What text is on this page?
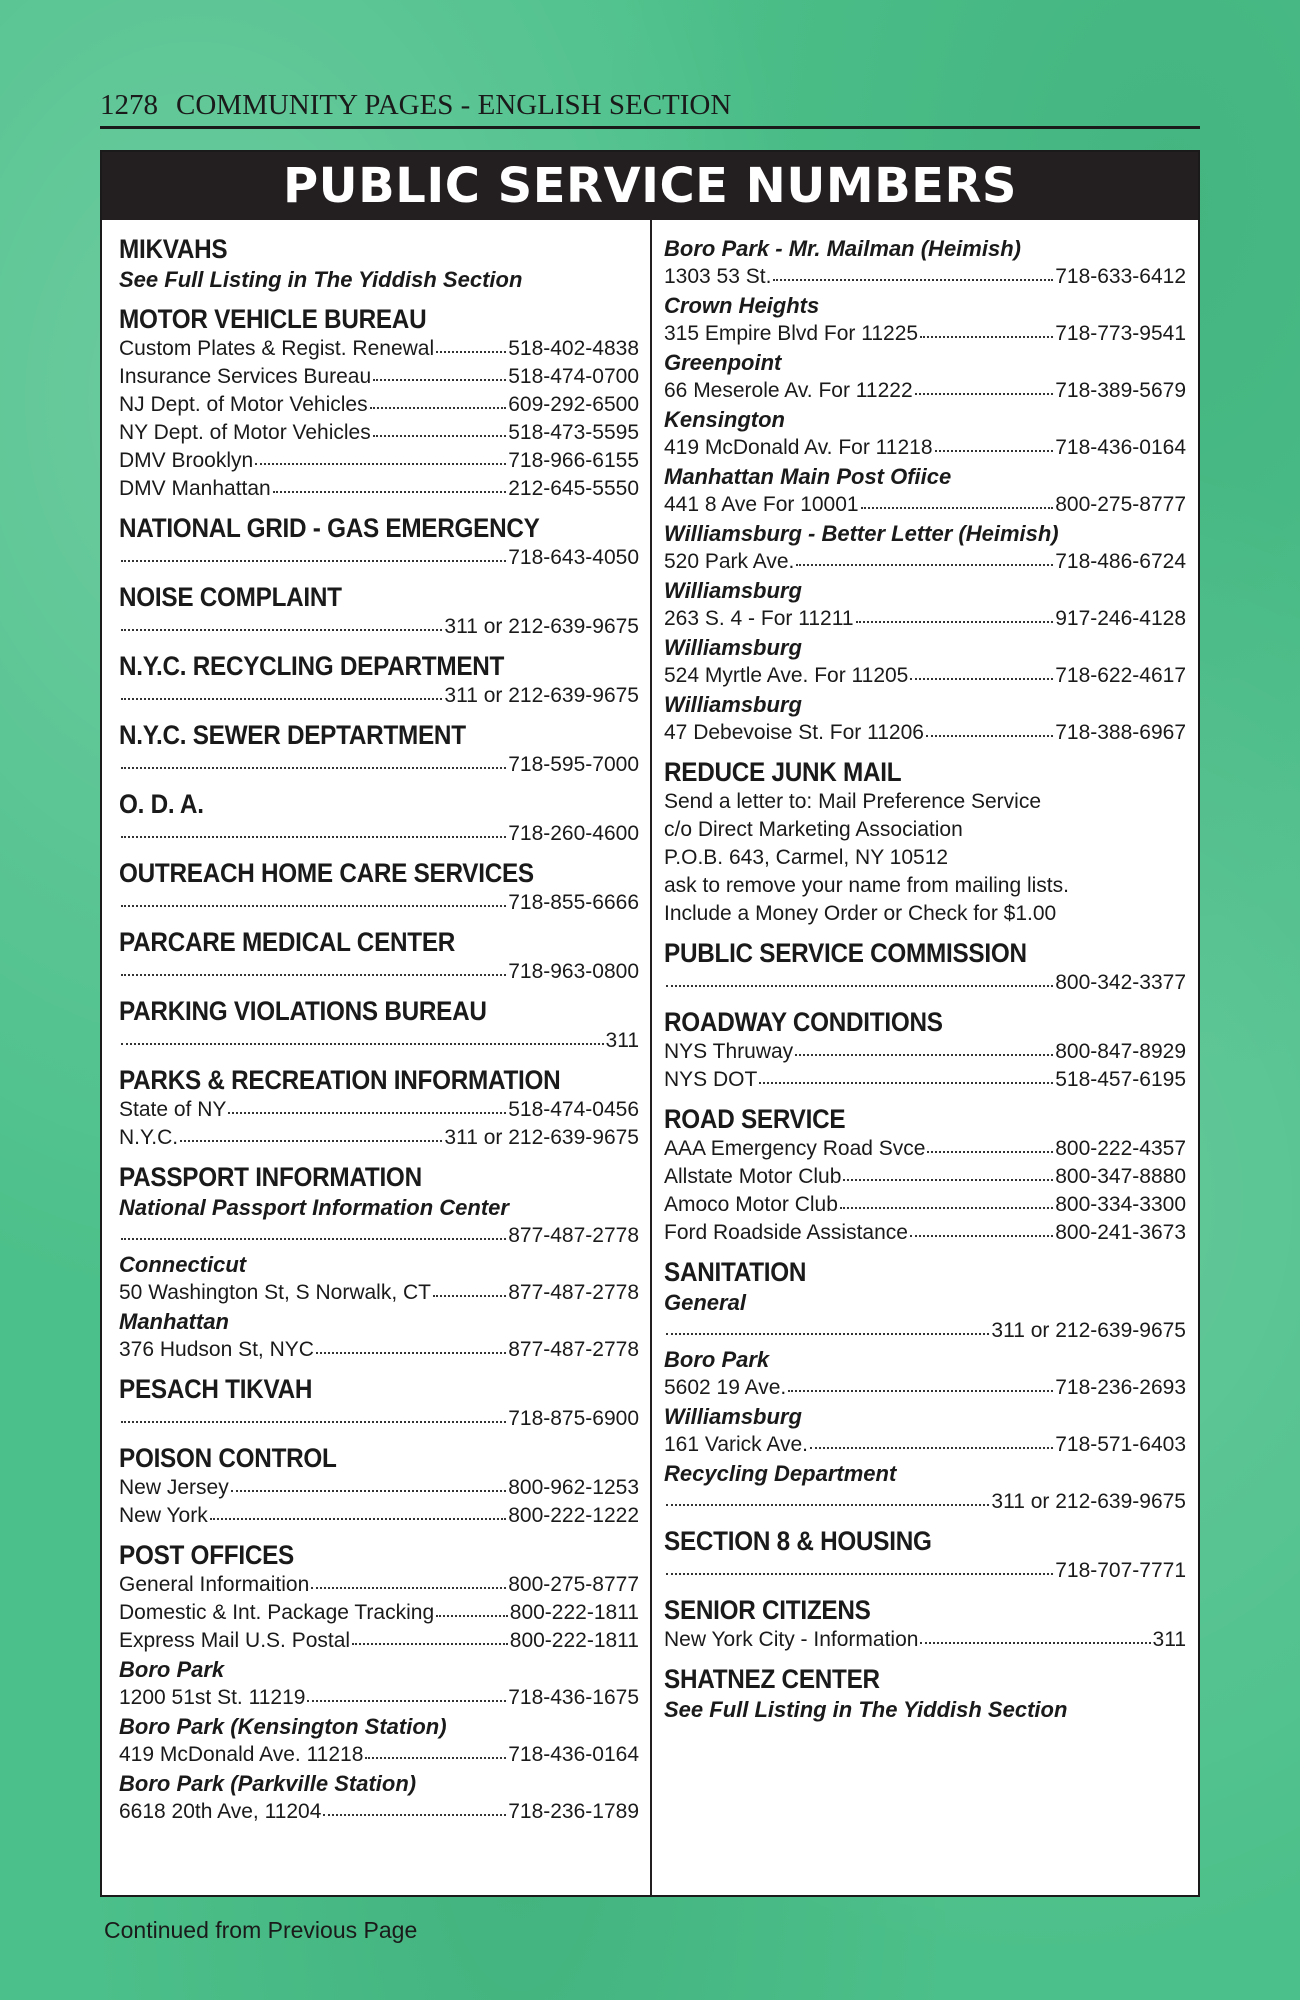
1278 COMMUNITY PAGES - ENGLISH SECTION
PUBLIC SERVICE NUMBERS
MIKVAHS
See Full Listing in The Yiddish Section
MOTOR VEHICLE BUREAU
Custom Plates & Regist. Renewal	518-402-4838
Insurance Services Bureau	518-474-0700
NJ Dept. of Motor Vehicles	609-292-6500
NY Dept. of Motor Vehicles	518-473-5595
DMV Brooklyn	718-966-6155
DMV Manhattan	212-645-5550
NATIONAL GRID - GAS EMERGENCY
718-643-4050
NOISE COMPLAINT
311 or 212-639-9675
N.Y.C. RECYCLING DEPARTMENT
311 or 212-639-9675
N.Y.C. SEWER DEPTARTMENT
718-595-7000
O. D. A.
718-260-4600
OUTREACH HOME CARE SERVICES
718-855-6666
PARCARE MEDICAL CENTER
718-963-0800
PARKING VIOLATIONS BUREAU
311
PARKS & RECREATION INFORMATION
State of NY	518-474-0456
N.Y.C.	311 or 212-639-9675
PASSPORT INFORMATION
National Passport Information Center
877-487-2778
Connecticut
50 Washington St, S Norwalk, CT	877-487-2778
Manhattan
376 Hudson St, NYC	877-487-2778
PESACH TIKVAH
718-875-6900
POISON CONTROL
New Jersey	800-962-1253
New York	800-222-1222
POST OFFICES
General Informaition	800-275-8777
Domestic & Int. Package Tracking	800-222-1811
Express Mail U.S. Postal	800-222-1811
Boro Park
1200 51st St. 11219	718-436-1675
Boro Park (Kensington Station)
419 McDonald Ave. 11218	718-436-0164
Boro Park (Parkville Station)
6618 20th Ave, 11204	718-236-1789
Boro Park - Mr. Mailman (Heimish)
1303 53 St.	718-633-6412
Crown Heights
315 Empire Blvd For 11225	718-773-9541
Greenpoint
66 Meserole Av. For 11222	718-389-5679
Kensington
419 McDonald Av. For 11218	718-436-0164
Manhattan Main Post Ofiice
441 8 Ave For 10001	800-275-8777
Williamsburg - Better Letter (Heimish)
520 Park Ave.	718-486-6724
Williamsburg
263 S. 4 - For 11211	917-246-4128
Williamsburg
524 Myrtle Ave. For 11205	718-622-4617
Williamsburg
47 Debevoise St. For 11206	718-388-6967
REDUCE JUNK MAIL
Send a letter to: Mail Preference Service
c/o Direct Marketing Association
P.O.B. 643, Carmel, NY 10512
ask to remove your name from mailing lists.
Include a Money Order or Check for $1.00
PUBLIC SERVICE COMMISSION
800-342-3377
ROADWAY CONDITIONS
NYS Thruway	800-847-8929
NYS DOT	518-457-6195
ROAD SERVICE
AAA Emergency Road Svce	800-222-4357
Allstate Motor Club	800-347-8880
Amoco Motor Club	800-334-3300
Ford Roadside Assistance	800-241-3673
SANITATION
General
311 or 212-639-9675
Boro Park
5602 19 Ave.	718-236-2693
Williamsburg
161 Varick Ave.	718-571-6403
Recycling Department
311 or 212-639-9675
SECTION 8 & HOUSING
718-707-7771
SENIOR CITIZENS
New York City - Information	311
SHATNEZ CENTER
See Full Listing in The Yiddish Section
Continued from Previous Page
